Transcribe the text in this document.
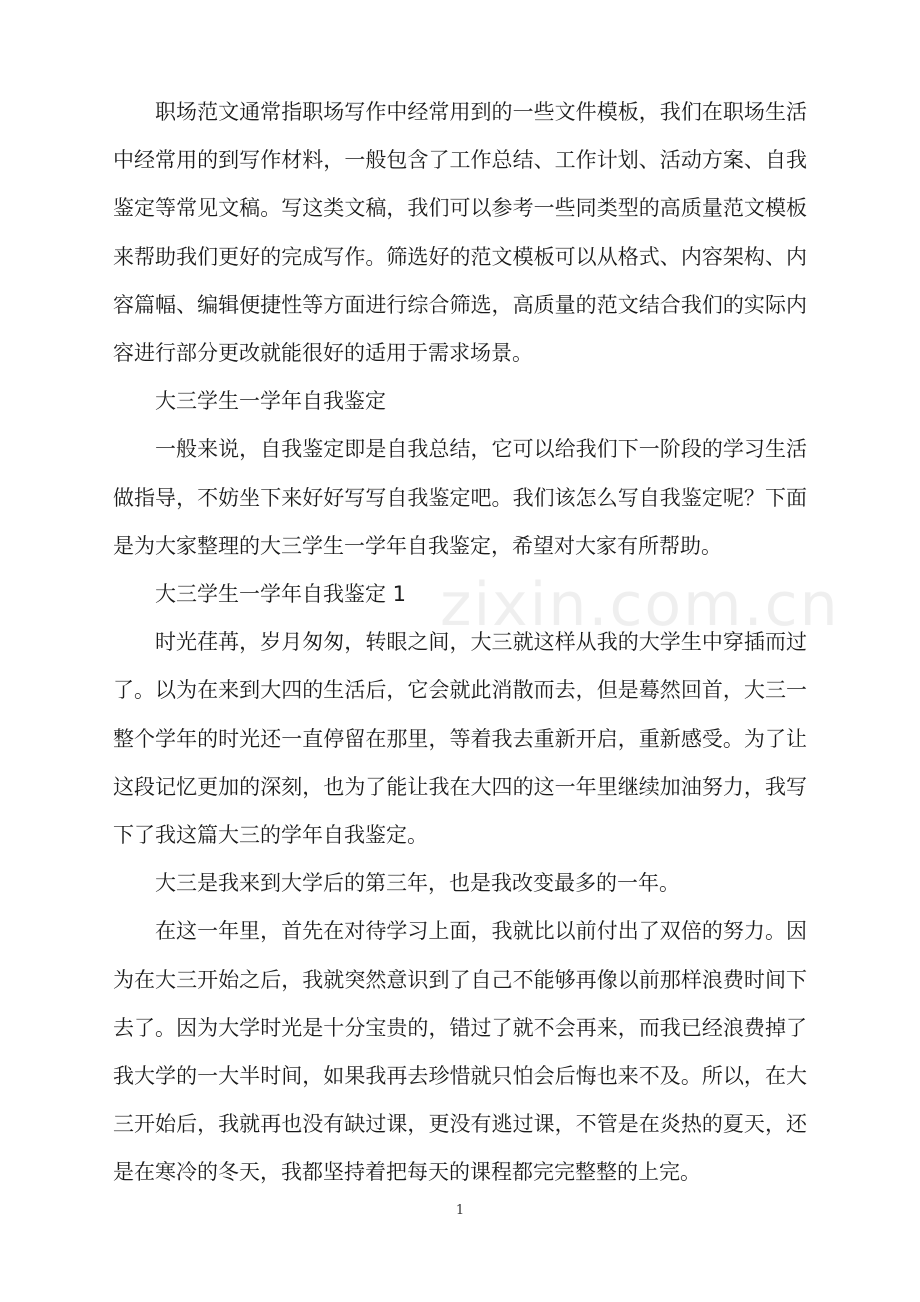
职场范文通常指职场写作中经常用到的一些文件模板，我们在职场生活中经常用的到写作材料，一般包含了工作总结、工作计划、活动方案、自我鉴定等常见文稿。写这类文稿，我们可以参考一些同类型的高质量范文模板来帮助我们更好的完成写作。筛选好的范文模板可以从格式、内容架构、内容篇幅、编辑便捷性等方面进行综合筛选，高质量的范文结合我们的实际内容进行部分更改就能很好的适用于需求场景。

大三学生一学年自我鉴定

一般来说，自我鉴定即是自我总结，它可以给我们下一阶段的学习生活做指导，不妨坐下来好好写写自我鉴定吧。我们该怎么写自我鉴定呢？下面是为大家整理的大三学生一学年自我鉴定，希望对大家有所帮助。

大三学生一学年自我鉴定 1

时光荏苒，岁月匆匆，转眼之间，大三就这样从我的大学生中穿插而过了。以为在来到大四的生活后，它会就此消散而去，但是蓦然回首，大三一整个学年的时光还一直停留在那里，等着我去重新开启，重新感受。为了让这段记忆更加的深刻，也为了能让我在大四的这一年里继续加油努力，我写下了我这篇大三的学年自我鉴定。

大三是我来到大学后的第三年，也是我改变最多的一年。

在这一年里，首先在对待学习上面，我就比以前付出了双倍的努力。因为在大三开始之后，我就突然意识到了自己不能够再像以前那样浪费时间下去了。因为大学时光是十分宝贵的，错过了就不会再来，而我已经浪费掉了我大学的一大半时间，如果我再去珍惜就只怕会后悔也来不及。所以，在大三开始后，我就再也没有缺过课，更没有逃过课，不管是在炎热的夏天，还是在寒冷的冬天，我都坚持着把每天的课程都完完整整的上完。

zixin.com.cn
1
